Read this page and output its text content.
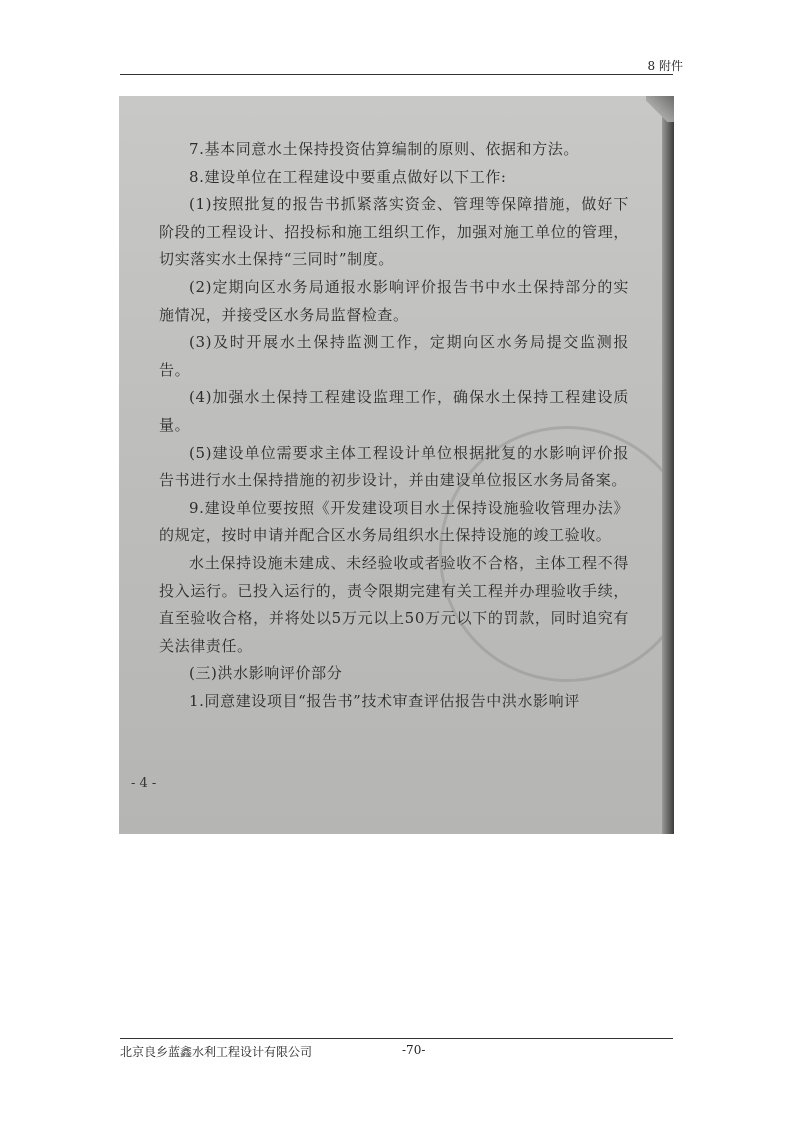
8 附件

7.基本同意水土保持投资估算编制的原则、依据和方法。

8.建设单位在工程建设中要重点做好以下工作:

(1)按照批复的报告书抓紧落实资金、管理等保障措施，做好下阶段的工程设计、招投标和施工组织工作，加强对施工单位的管理，切实落实水土保持“三同时”制度。

(2)定期向区水务局通报水影响评价报告书中水土保持部分的实施情况，并接受区水务局监督检查。

(3)及时开展水土保持监测工作，定期向区水务局提交监测报告。

(4)加强水土保持工程建设监理工作，确保水土保持工程建设质量。

(5)建设单位需要求主体工程设计单位根据批复的水影响评价报告书进行水土保持措施的初步设计，并由建设单位报区水务局备案。

9.建设单位要按照《开发建设项目水土保持设施验收管理办法》的规定，按时申请并配合区水务局组织水土保持设施的竣工验收。

水土保持设施未建成、未经验收或者验收不合格，主体工程不得投入运行。已投入运行的，责令限期完建有关工程并办理验收手续，直至验收合格，并将处以5万元以上50万元以下的罚款，同时追究有关法律责任。

(三)洪水影响评价部分

1.同意建设项目“报告书”技术审查评估报告中洪水影响评

- 4 -
北京良乡蓝鑫水利工程设计有限公司	-70-
